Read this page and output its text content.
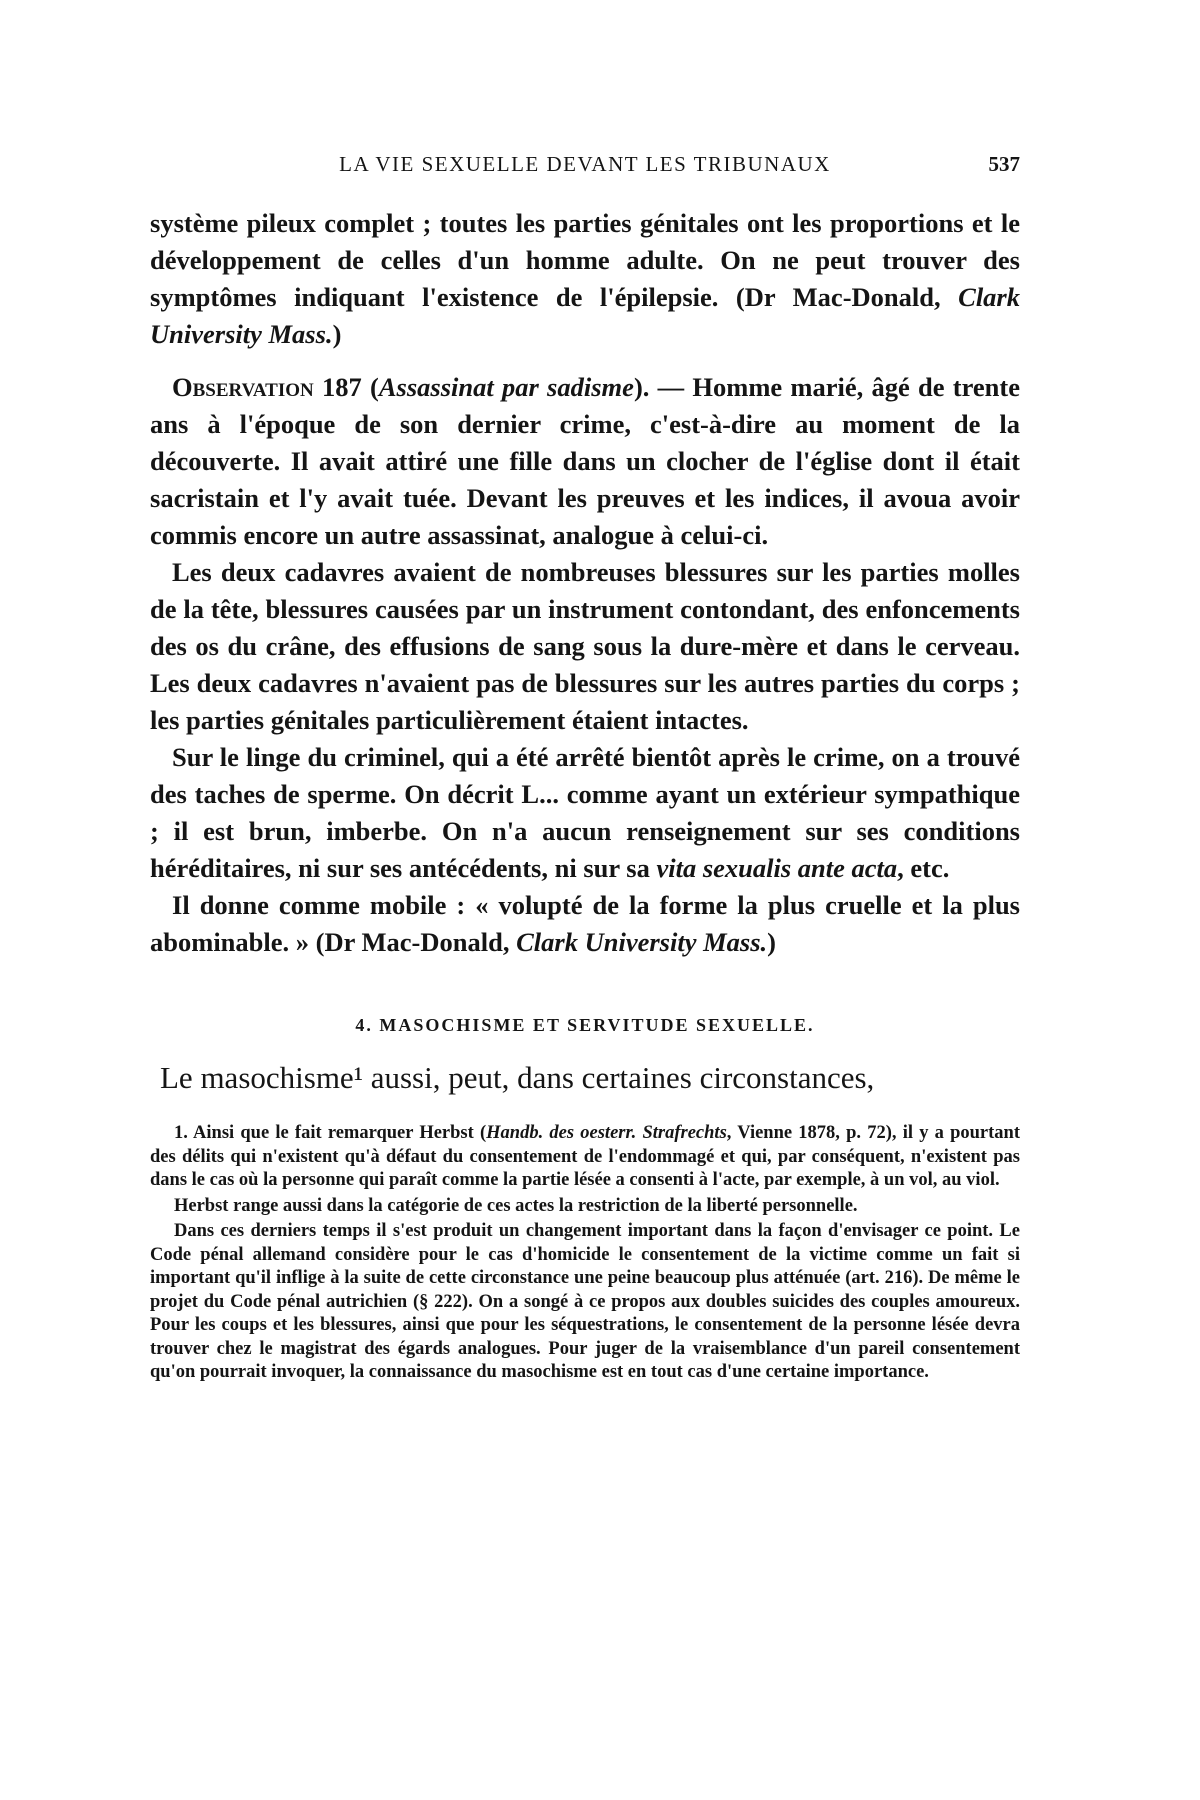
LA VIE SEXUELLE DEVANT LES TRIBUNAUX	537

système pileux complet ; toutes les parties génitales ont les proportions et le développement de celles d'un homme adulte. On ne peut trouver des symptômes indiquant l'existence de l'épilepsie. (Dr Mac-Donald, Clark University Mass.)

Observation 187 (Assassinat par sadisme). — Homme marié, âgé de trente ans à l'époque de son dernier crime, c'est-à-dire au moment de la découverte. Il avait attiré une fille dans un clocher de l'église dont il était sacristain et l'y avait tuée. Devant les preuves et les indices, il avoua avoir commis encore un autre assassinat, analogue à celui-ci.

Les deux cadavres avaient de nombreuses blessures sur les parties molles de la tête, blessures causées par un instrument contondant, des enfoncements des os du crâne, des effusions de sang sous la dure-mère et dans le cerveau. Les deux cadavres n'avaient pas de blessures sur les autres parties du corps ; les parties génitales particulièrement étaient intactes.

Sur le linge du criminel, qui a été arrêté bientôt après le crime, on a trouvé des taches de sperme. On décrit L... comme ayant un extérieur sympathique ; il est brun, imberbe. On n'a aucun renseignement sur ses conditions héréditaires, ni sur ses antécédents, ni sur sa vita sexualis ante acta, etc.

Il donne comme mobile : « volupté de la forme la plus cruelle et la plus abominable. » (Dr Mac-Donald, Clark University Mass.)

4. MASOCHISME ET SERVITUDE SEXUELLE.

Le masochisme¹ aussi, peut, dans certaines circonstances,

1. Ainsi que le fait remarquer Herbst (Handb. des oesterr. Strafrechts, Vienne 1878, p. 72), il y a pourtant des délits qui n'existent qu'à défaut du consentement de l'endommagé et qui, par conséquent, n'existent pas dans le cas où la personne qui paraît comme la partie lésée a consenti à l'acte, par exemple, à un vol, au viol.

Herbst range aussi dans la catégorie de ces actes la restriction de la liberté personnelle.

Dans ces derniers temps il s'est produit un changement important dans la façon d'envisager ce point. Le Code pénal allemand considère pour le cas d'homicide le consentement de la victime comme un fait si important qu'il inflige à la suite de cette circonstance une peine beaucoup plus atténuée (art. 216). De même le projet du Code pénal autrichien (§ 222). On a songé à ce propos aux doubles suicides des couples amoureux. Pour les coups et les blessures, ainsi que pour les séquestrations, le consentement de la personne lésée devra trouver chez le magistrat des égards analogues. Pour juger de la vraisemblance d'un pareil consentement qu'on pourrait invoquer, la connaissance du masochisme est en tout cas d'une certaine importance.
